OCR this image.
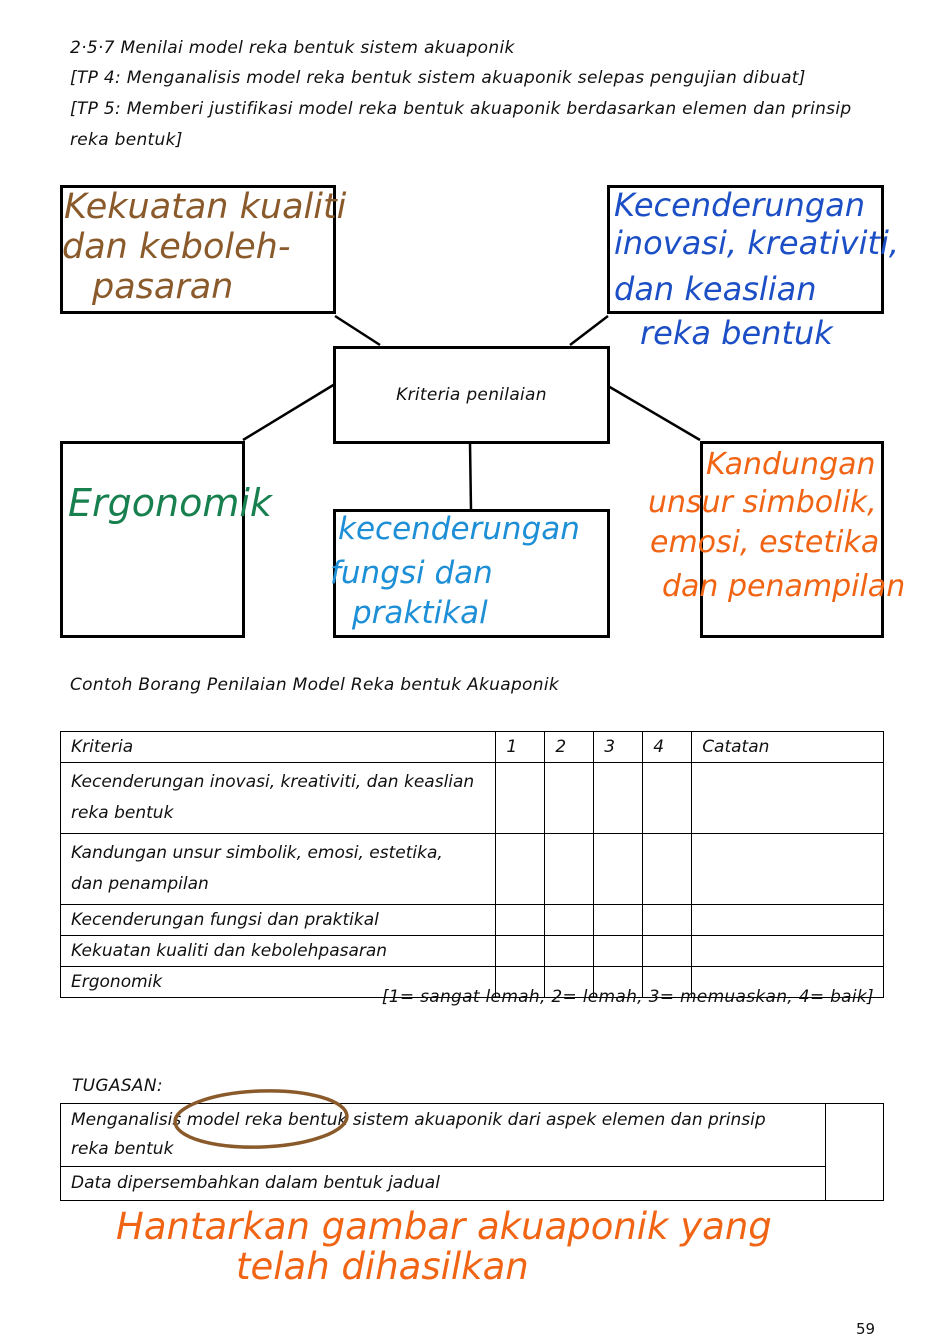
2·5·7 Menilai model reka bentuk sistem akuaponik
[TP 4: Menganalisis model reka bentuk sistem akuaponik selepas pengujian dibuat]
[TP 5: Memberi justifikasi model reka bentuk akuaponik berdasarkan elemen dan prinsip
reka bentuk]
Kriteria penilaian
Kekuatan kualiti
dan keboleh-
pasaran
Kecenderungan
inovasi, kreativiti,
dan keaslian
reka bentuk
Ergonomik
kecenderungan
fungsi dan
praktikal
Kandungan
unsur simbolik,
emosi, estetika
dan penampilan
Contoh Borang Penilaian Model Reka bentuk Akuaponik
Kriteria	1	2	3	4	Catatan

Kecenderungan inovasi, kreativiti, dan keaslian
reka bentuk					

Kandungan unsur simbolik, emosi, estetika,
dan penampilan					

Kecenderungan fungsi dan praktikal					
Kekuatan kualiti dan kebolehpasaran					
Ergonomik					
[1= sangat lemah, 2= lemah, 3= memuaskan, 4= baik]
TUGASAN:
Menganalisis model reka bentuk sistem akuaponik dari aspek elemen dan prinsip
reka bentuk

Data dipersembahkan dalam bentuk jadual
Hantarkan gambar akuaponik yang
telah dihasilkan
59
